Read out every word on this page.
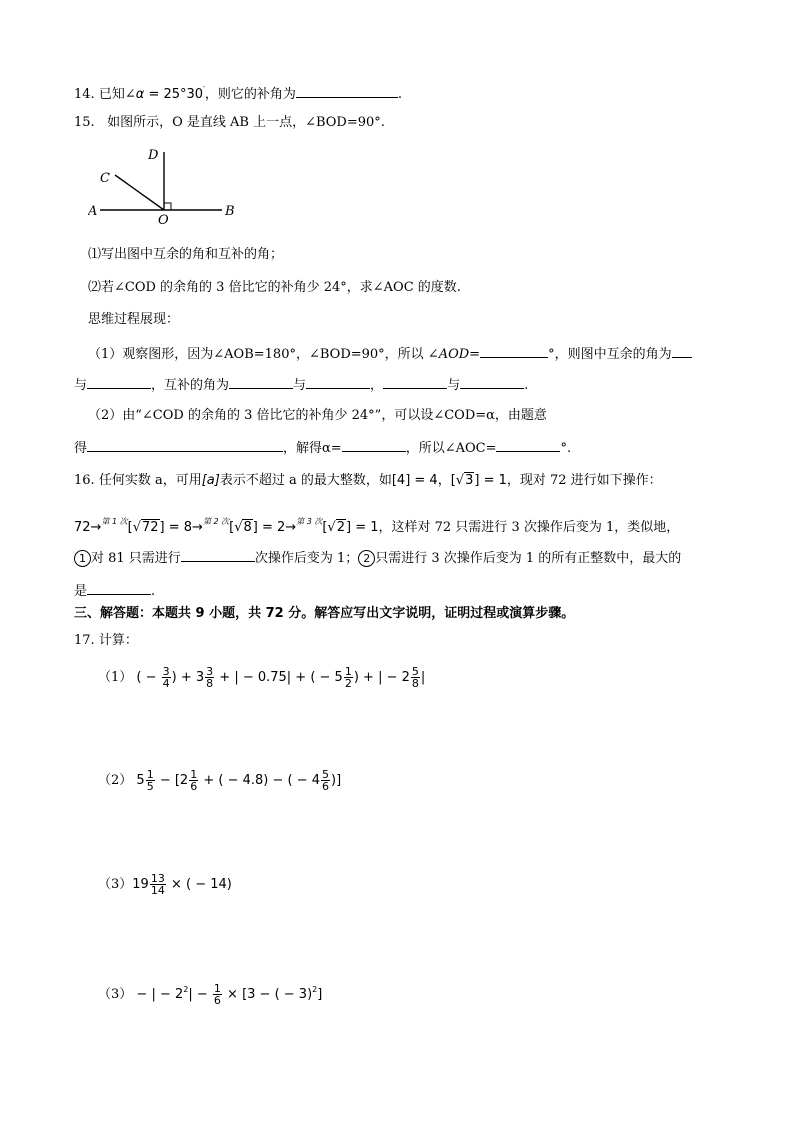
14. 已知∠α = 25°30′，则它的补角为	.
15. 如图所示，O 是直线 AB 上一点，∠BOD=90°.
A	B
C
D
O
⑴写出图中互余的角和互补的角；
⑵若∠COD 的余角的 3 倍比它的补角少 24°，求∠AOC 的度数.
思维过程展现：
（1）观察图形，因为∠AOB=180°，∠BOD=90°，所以 ∠AOD=	°，则图中互余的角为
与	，互补的角为	与	，	与	.
（2）由“∠COD 的余角的 3 倍比它的补角少 24°”，可以设∠COD=α，由题意
得	，解得α=	，所以∠AOC=	°.
16. 任何实数 a，可用[a]表示不超过 a 的最大整数，如[4] = 4，[√3] = 1，现对 72 进行如下操作：
72→$^{第 1 次}$[√72] = 8→$^{第 2 次}$[√8] = 2→$^{第 3 次}$[√2] = 1，这样对 72 只需进行 3 次操作后变为 1，类似地，
1 对 81 只需进行	次操作后变为 1； 2 只需进行 3 次操作后变为 1 的所有正整数中，最大的
是	.
三、解答题：本题共 9 小题，共 72 分。解答应写出文字说明，证明过程或演算步骤。
17. 计算：
（1） ( − $\frac{3}{4}$ ) + $3 \frac{3}{8}$ + | − 0.75| + ( − $5 \frac{1}{2}$ ) + | − $2 \frac{5}{8}$ |
（2） $5 \frac{1}{5} - [2 \frac{1}{6}$ + ( − 4.8) − ( − $4 \frac{5}{6}$ )]
$(3)19 \frac{13}{14}$ × ( − 14)
（3） − | − $2^2| - \frac{1}{6} \times [3$ − ( − 3)$^2$]
